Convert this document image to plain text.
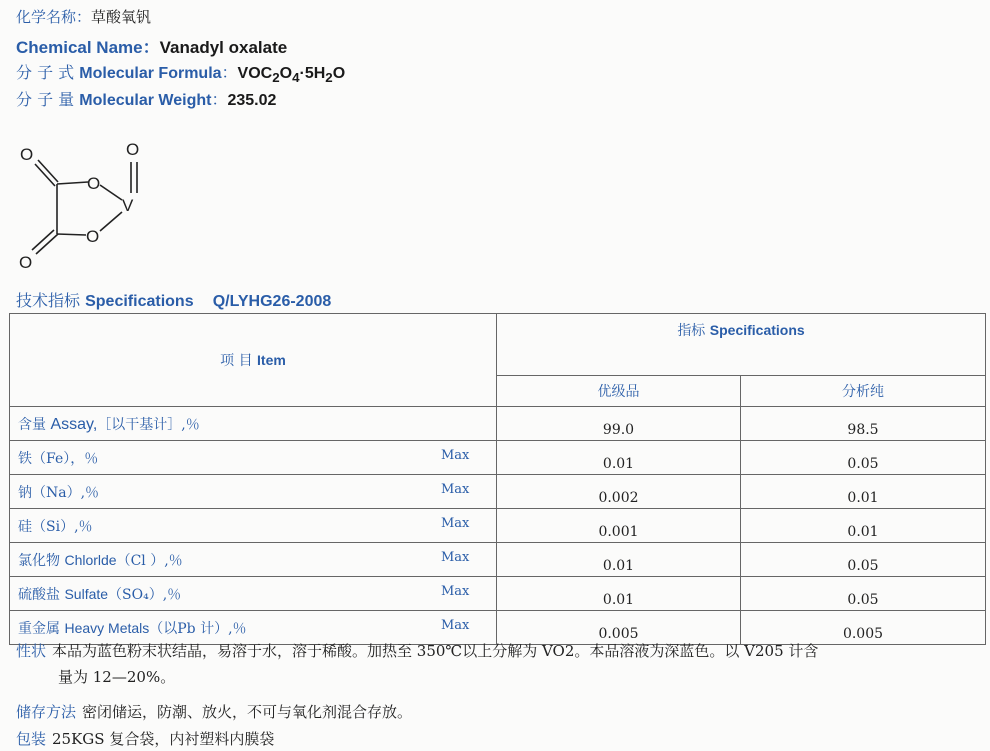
化学名称：草酸氧钒
Chemical Name：Vanadyl oxalate
分 子 式 Molecular Formula：$VOC_2O_4\cdot 5H_2O$
分 子 量 Molecular Weight：235.02
O	O
O
V
O
O
技术指标 Specifications Q/LYHG26-2008
项 目 Item	指标 Specifications	
	优级品	分析纯

含量 Assay,［以干基计］,％	99.0	98.5

铁（Fe），％ Max	0.01	0.05

钠（Na）,％ Max	0.002	0.01

硅（Si）,％ Max	0.001	0.01

氯化物 Chlorlde（Cl ）,％ Max	0.01	0.05

硫酸盐 Sulfate（SO₄）,％ Max	0.01	0.05

重金属 Heavy Metals（以Pb 计）,％ Max	0.005	0.005
性状 本品为蓝色粉末状结晶，易溶于水，溶于稀酸。加热至 350℃以上分解为 VO2。本品溶液为深蓝色。以 V205 计含
量为 12—20%。
储存方法 密闭储运，防潮、放火，不可与氧化剂混合存放。
包装 25KGS 复合袋，内衬塑料内膜袋
